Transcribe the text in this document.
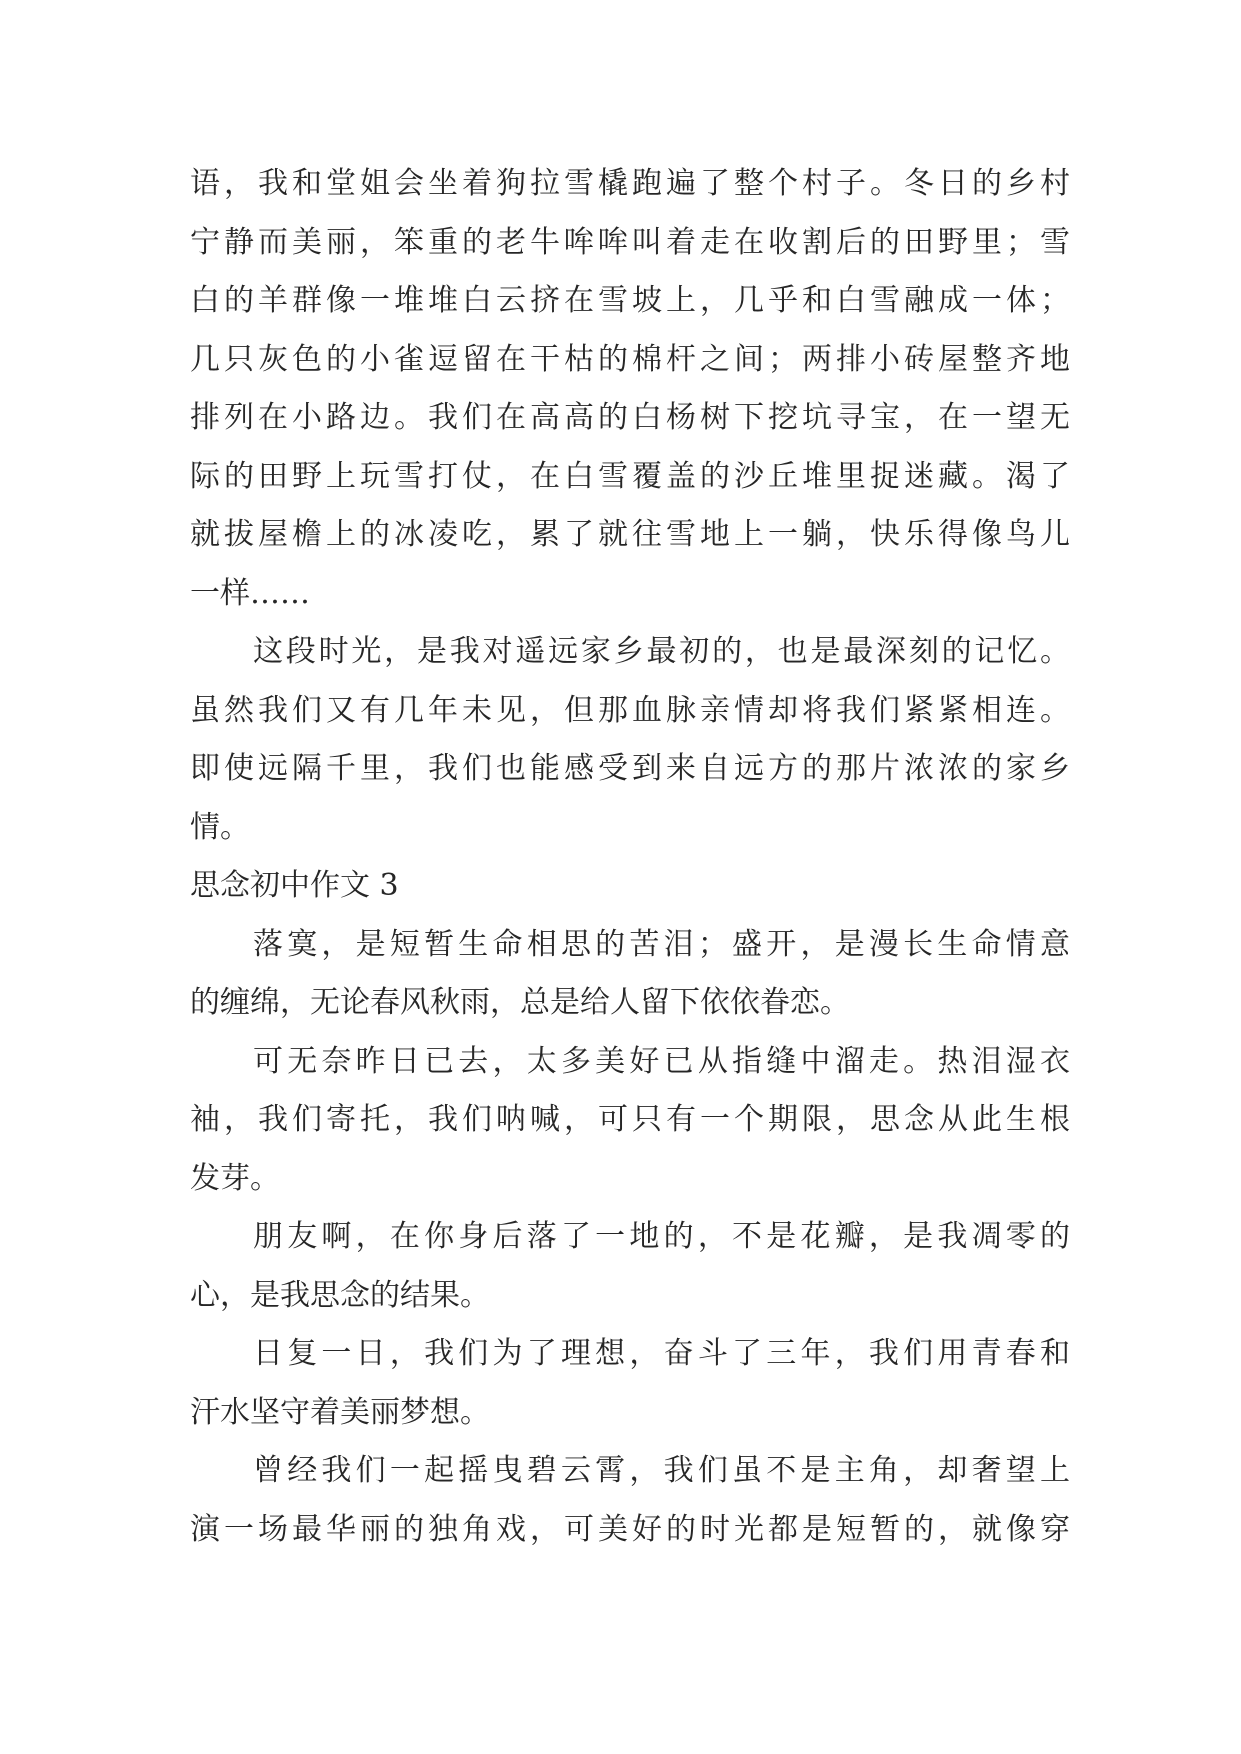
语，我和堂姐会坐着狗拉雪橇跑遍了整个村子。冬日的乡村
宁静而美丽，笨重的老牛哞哞叫着走在收割后的田野里；雪
白的羊群像一堆堆白云挤在雪坡上，几乎和白雪融成一体；
几只灰色的小雀逗留在干枯的棉杆之间；两排小砖屋整齐地
排列在小路边。我们在高高的白杨树下挖坑寻宝，在一望无
际的田野上玩雪打仗，在白雪覆盖的沙丘堆里捉迷藏。渴了
就拔屋檐上的冰凌吃，累了就往雪地上一躺，快乐得像鸟儿
一样……
这段时光，是我对遥远家乡最初的，也是最深刻的记忆。
虽然我们又有几年未见，但那血脉亲情却将我们紧紧相连。
即使远隔千里，我们也能感受到来自远方的那片浓浓的家乡
情。
思念初中作文 3
落寞，是短暂生命相思的苦泪；盛开，是漫长生命情意
的缠绵，无论春风秋雨，总是给人留下依依眷恋。
可无奈昨日已去，太多美好已从指缝中溜走。热泪湿衣
袖，我们寄托，我们呐喊，可只有一个期限，思念从此生根
发芽。
朋友啊，在你身后落了一地的，不是花瓣，是我凋零的
心，是我思念的结果。
日复一日，我们为了理想，奋斗了三年，我们用青春和
汗水坚守着美丽梦想。
曾经我们一起摇曳碧云霄，我们虽不是主角，却奢望上
演一场最华丽的独角戏，可美好的时光都是短暂的，就像穿
